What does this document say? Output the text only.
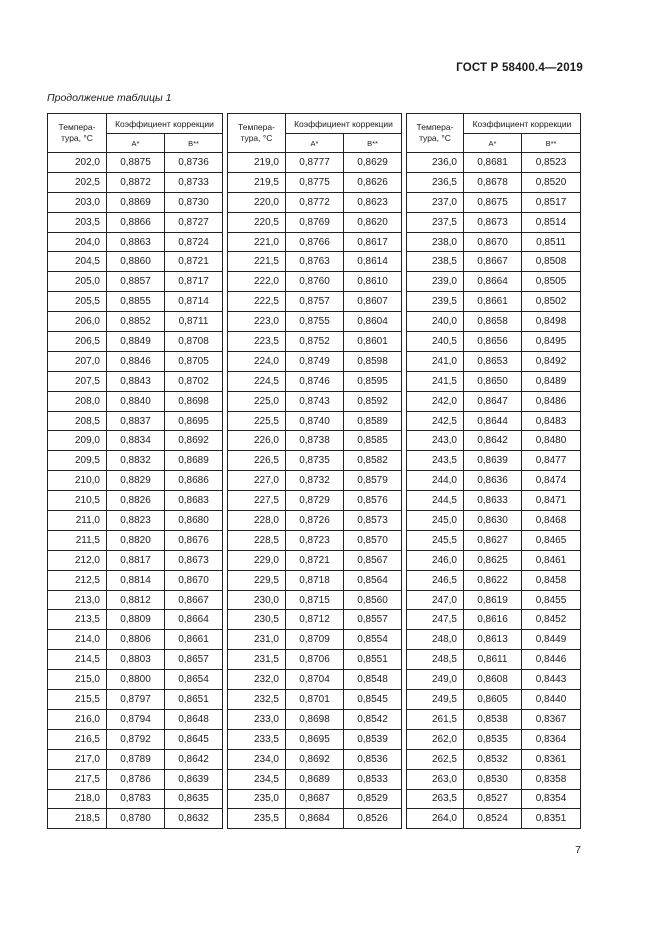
ГОСТ Р 58400.4—2019
Продолжение таблицы 1
Темпера-
тура, °С	Коэффициент коррекции	
	A*	B**
202,0	0,8875	0,8736
202,5	0,8872	0,8733
203,0	0,8869	0,8730
203,5	0,8866	0,8727
204,0	0,8863	0,8724
204,5	0,8860	0,8721
205,0	0,8857	0,8717
205,5	0,8855	0,8714
206,0	0,8852	0,8711
206,5	0,8849	0,8708
207,0	0,8846	0,8705
207,5	0,8843	0,8702
208,0	0,8840	0,8698
208,5	0,8837	0,8695
209,0	0,8834	0,8692
209,5	0,8832	0,8689
210,0	0,8829	0,8686
210,5	0,8826	0,8683
211,0	0,8823	0,8680
211,5	0,8820	0,8676
212,0	0,8817	0,8673
212,5	0,8814	0,8670
213,0	0,8812	0,8667
213,5	0,8809	0,8664
214,0	0,8806	0,8661
214,5	0,8803	0,8657
215,0	0,8800	0,8654
215,5	0,8797	0,8651
216,0	0,8794	0,8648
216,5	0,8792	0,8645
217,0	0,8789	0,8642
217,5	0,8786	0,8639
218,0	0,8783	0,8635
218,5	0,8780	0,8632
Темпера-
тура, °С	Коэффициент коррекции	
	A*	B**
219,0	0,8777	0,8629
219,5	0,8775	0,8626
220,0	0,8772	0,8623
220,5	0,8769	0,8620
221,0	0,8766	0,8617
221,5	0,8763	0,8614
222,0	0,8760	0,8610
222,5	0,8757	0,8607
223,0	0,8755	0,8604
223,5	0,8752	0,8601
224,0	0,8749	0,8598
224,5	0,8746	0,8595
225,0	0,8743	0,8592
225,5	0,8740	0,8589
226,0	0,8738	0,8585
226,5	0,8735	0,8582
227,0	0,8732	0,8579
227,5	0,8729	0,8576
228,0	0,8726	0,8573
228,5	0,8723	0,8570
229,0	0,8721	0,8567
229,5	0,8718	0,8564
230,0	0,8715	0,8560
230,5	0,8712	0,8557
231,0	0,8709	0,8554
231,5	0,8706	0,8551
232,0	0,8704	0,8548
232,5	0,8701	0,8545
233,0	0,8698	0,8542
233,5	0,8695	0,8539
234,0	0,8692	0,8536
234,5	0,8689	0,8533
235,0	0,8687	0,8529
235,5	0,8684	0,8526
Темпера-
тура, °С	Коэффициент коррекции	
	A*	B**
236,0	0,8681	0,8523
236,5	0,8678	0,8520
237,0	0,8675	0,8517
237,5	0,8673	0,8514
238,0	0,8670	0,8511
238,5	0,8667	0,8508
239,0	0,8664	0,8505
239,5	0,8661	0,8502
240,0	0,8658	0,8498
240,5	0,8656	0,8495
241,0	0,8653	0,8492
241,5	0,8650	0,8489
242,0	0,8647	0,8486
242,5	0,8644	0,8483
243,0	0,8642	0,8480
243,5	0,8639	0,8477
244,0	0,8636	0,8474
244,5	0,8633	0,8471
245,0	0,8630	0,8468
245,5	0,8627	0,8465
246,0	0,8625	0,8461
246,5	0,8622	0,8458
247,0	0,8619	0,8455
247,5	0,8616	0,8452
248,0	0,8613	0,8449
248,5	0,8611	0,8446
249,0	0,8608	0,8443
249,5	0,8605	0,8440
261,5	0,8538	0,8367
262,0	0,8535	0,8364
262,5	0,8532	0,8361
263,0	0,8530	0,8358
263,5	0,8527	0,8354
264,0	0,8524	0,8351
7
